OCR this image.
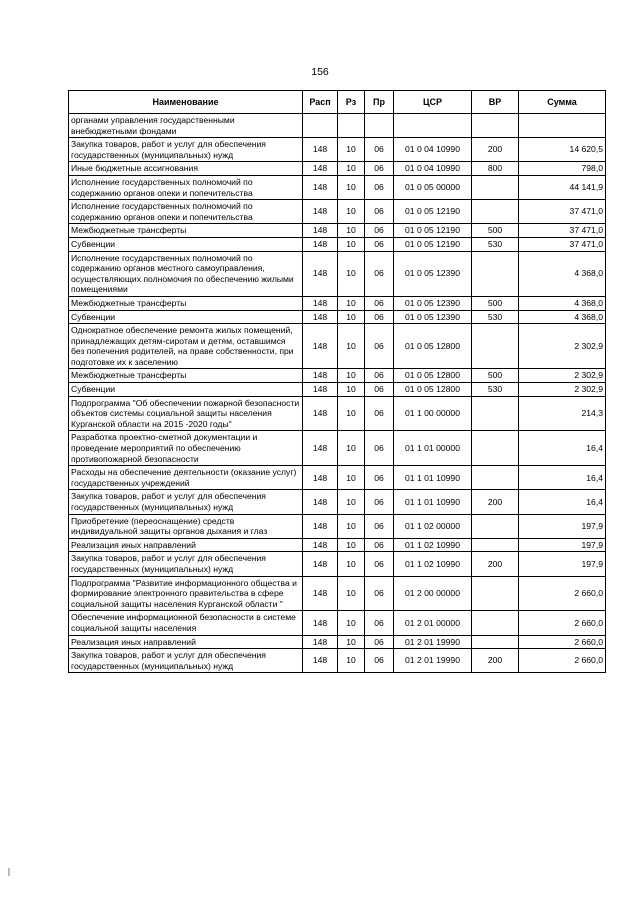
156
Наименование	Расп	Рз	Пр	ЦСР	ВР	Сумма
органами управления государственными внебюджетными фондами						
Закупка товаров, работ и услуг для обеспечения государственных (муниципальных) нужд	148	10	06	01 0 04 10990	200	14 620,5
Иные бюджетные ассигнования	148	10	06	01 0 04 10990	800	798,0
Исполнение государственных полномочий по содержанию органов опеки и попечительства	148	10	06	01 0 05 00000		44 141,9
Исполнение государственных полномочий по содержанию органов опеки и попечительства	148	10	06	01 0 05 12190		37 471,0
Межбюджетные трансферты	148	10	06	01 0 05 12190	500	37 471,0
Субвенции	148	10	06	01 0 05 12190	530	37 471,0
Исполнение государственных полномочий по содержанию органов местного самоуправления, осуществляющих полномочия по обеспечению жилыми помещениями	148	10	06	01 0 05 12390		4 368,0
Межбюджетные трансферты	148	10	06	01 0 05 12390	500	4 368,0
Субвенции	148	10	06	01 0 05 12390	530	4 368,0
Однократное обеспечение ремонта жилых помещений, принадлежащих детям-сиротам и детям, оставшимся без попечения родителей, на праве собственности, при подготовке их к заселению	148	10	06	01 0 05 12800		2 302,9
Межбюджетные трансферты	148	10	06	01 0 05 12800	500	2 302,9
Субвенции	148	10	06	01 0 05 12800	530	2 302,9
Подпрограмма "Об обеспечении пожарной безопасности объектов системы социальной защиты населения Курганской области на 2015 -2020 годы"	148	10	06	01 1 00 00000		214,3
Разработка проектно-сметной документации и проведение мероприятий по обеспечению противопожарной безопасности	148	10	06	01 1 01 00000		16,4
Расходы на обеспечение деятельности (оказание услуг) государственных учреждений	148	10	06	01 1 01 10990		16,4
Закупка товаров, работ и услуг для обеспечения государственных (муниципальных) нужд	148	10	06	01 1 01 10990	200	16,4
Приобретение (переоснащение) средств индивидуальной защиты органов дыхания и глаз	148	10	06	01 1 02 00000		197,9
Реализация иных направлений	148	10	06	01 1 02 10990		197,9
Закупка товаров, работ и услуг для обеспечения государственных (муниципальных) нужд	148	10	06	01 1 02 10990	200	197,9
Подпрограмма "Развитие информационного общества и формирование электронного правительства в сфере социальной защиты населения Курганской области "	148	10	06	01 2 00 00000		2 660,0
Обеспечение информационной безопасности в системе социальной защиты населения	148	10	06	01 2 01 00000		2 660,0
Реализация иных направлений	148	10	06	01 2 01 19990		2 660,0
Закупка товаров, работ и услуг для обеспечения государственных (муниципальных) нужд	148	10	06	01 2 01 19990	200	2 660,0
